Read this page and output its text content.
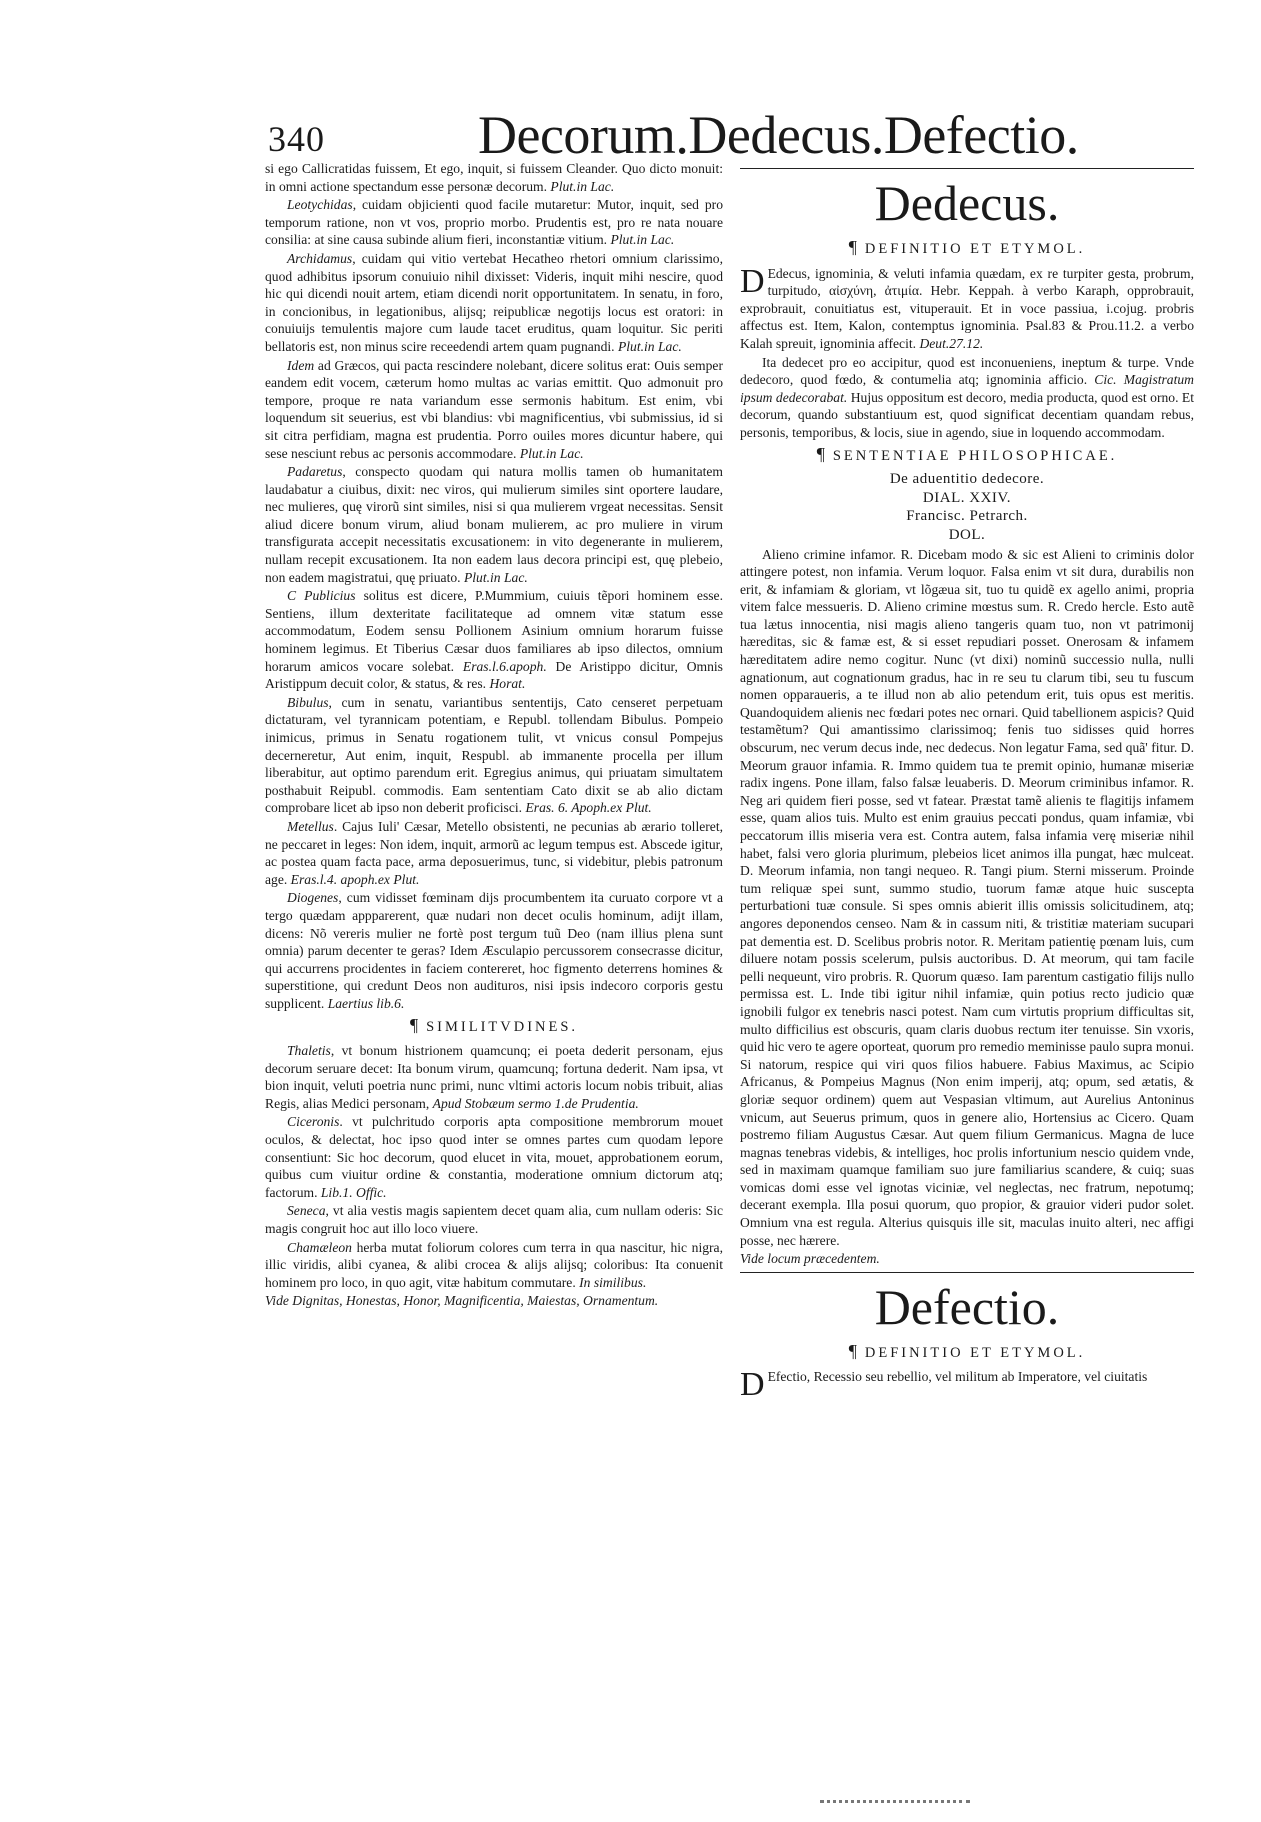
340	Decorum.Dedecus.Defectio.

si ego Callicratidas fuissem, Et ego, inquit, si fuissem Cleander. Quo dicto monuit: in omni actione spectandum esse personæ decorum. Plut.in Lac.

Leotychidas, cuidam objicienti quod facile mutaretur: Mutor, inquit, sed pro temporum ratione, non vt vos, proprio morbo. Prudentis est, pro re nata nouare consilia: at sine causa subinde alium fieri, inconstantiæ vitium. Plut.in Lac.

Archidamus, cuidam qui vitio vertebat Hecatheo rhetori omnium clarissimo, quod adhibitus ipsorum conuiuio nihil dixisset: Videris, inquit mihi nescire, quod hic qui dicendi nouit artem, etiam dicendi norit opportunitatem. In senatu, in foro, in concionibus, in legationibus, alijsq; reipublicæ negotijs locus est oratori: in conuiuijs temulentis majore cum laude tacet eruditus, quam loquitur. Sic periti bellatoris est, non minus scire receedendi artem quam pugnandi. Plut.in Lac.

Idem ad Græcos, qui pacta rescindere nolebant, dicere solitus erat: Ouis semper eandem edit vocem, cæterum homo multas ac varias emittit. Quo admonuit pro tempore, proque re nata variandum esse sermonis habitum. Est enim, vbi loquendum sit seuerius, est vbi blandius: vbi magnificentius, vbi submissius, id si sit citra perfidiam, magna est prudentia. Porro ouiles mores dicuntur habere, qui sese nesciunt rebus ac personis accommodare. Plut.in Lac.

Padaretus, conspecto quodam qui natura mollis tamen ob humanitatem laudabatur a ciuibus, dixit: nec viros, qui mulierum similes sint oportere laudare, nec mulieres, quę virorũ sint similes, nisi si qua mulierem vrgeat necessitas. Sensit aliud dicere bonum virum, aliud bonam mulierem, ac pro muliere in virum transfigurata accepit necessitatis excusationem: in vito degenerante in mulierem, nullam recepit excusationem. Ita non eadem laus decora principi est, quę plebeio, non eadem magistratui, quę priuato. Plut.in Lac.

C Publicius solitus est dicere, P.Mummium, cuiuis tẽpori hominem esse. Sentiens, illum dexteritate facilitateque ad omnem vitæ statum esse accommodatum, Eodem sensu Pollionem Asinium omnium horarum fuisse hominem legimus. Et Tiberius Cæsar duos familiares ab ipso dilectos, omnium horarum amicos vocare solebat. Eras.l.6.apoph. De Aristippo dicitur, Omnis Aristippum decuit color, & status, & res. Horat.

Bibulus, cum in senatu, variantibus sententijs, Cato censeret perpetuam dictaturam, vel tyrannicam potentiam, e Republ. tollendam Bibulus. Pompeio inimicus, primus in Senatu rogationem tulit, vt vnicus consul Pompejus decerneretur, Aut enim, inquit, Respubl. ab immanente procella per illum liberabitur, aut optimo parendum erit. Egregius animus, qui priuatam simultatem posthabuit Reipubl. commodis. Eam sententiam Cato dixit se ab alio dictam comprobare licet ab ipso non deberit proficisci. Eras. 6. Apoph.ex Plut.

Metellus. Cajus Iuli' Cæsar, Metello obsistenti, ne pecunias ab ærario tolleret, ne peccaret in leges: Non idem, inquit, armorũ ac legum tempus est. Abscede igitur, ac postea quam facta pace, arma deposuerimus, tunc, si videbitur, plebis patronum age. Eras.l.4. apoph.ex Plut.

Diogenes, cum vidisset fœminam dijs procumbentem ita curuato corpore vt a tergo quædam appparerent, quæ nudari non decet oculis hominum, adijt illam, dicens: Nõ vereris mulier ne fortè post tergum tuũ Deo (nam illius plena sunt omnia) parum decenter te geras? Idem Æsculapio percussorem consecrasse dicitur, qui accurrens procidentes in faciem contereret, hoc figmento deterrens homines & superstitione, qui credunt Deos non audituros, nisi ipsis indecoro corporis gestu supplicent. Laertius lib.6.

¶ SIMILITVDINES.

Thaletis, vt bonum histrionem quamcunq; ei poeta dederit personam, ejus decorum seruare decet: Ita bonum virum, quamcunq; fortuna dederit. Nam ipsa, vt bion inquit, veluti poetria nunc primi, nunc vltimi actoris locum nobis tribuit, alias Regis, alias Medici personam, Apud Stobæum sermo 1.de Prudentia.

Ciceronis. vt pulchritudo corporis apta compositione membrorum mouet oculos, & delectat, hoc ipso quod inter se omnes partes cum quodam lepore consentiunt: Sic hoc decorum, quod elucet in vita, mouet, approbationem eorum, quibus cum viuitur ordine & constantia, moderatione omnium dictorum atq; factorum. Lib.1. Offic.

Seneca, vt alia vestis magis sapientem decet quam alia, cum nullam oderis: Sic magis congruit hoc aut illo loco viuere.

Chamæleon herba mutat foliorum colores cum terra in qua nascitur, hic nigra, illic viridis, alibi cyanea, & alibi crocea & alijs alijsq; coloribus: Ita conuenit hominem pro loco, in quo agit, vitæ habitum commutare. In similibus.

Vide Dignitas, Honestas, Honor, Magnificentia, Maiestas, Ornamentum.

Dedecus.
¶ DEFINITIO ET ETYMOL.

D Edecus, ignominia, & veluti infamia quædam, ex re turpiter gesta, probrum, turpitudo, αἰσχύνη, ἀτιμία. Hebr. Keppah. à verbo Karaph, opprobrauit, exprobrauit, conuitiatus est, vituperauit. Et in voce passiua, i.cojug. probris affectus est. Item, Kalon, contemptus ignominia. Psal.83 & Prou.11.2. a verbo Kalah spreuit, ignominia affecit. Deut.27.12.

Ita dedecet pro eo accipitur, quod est inconueniens, ineptum & turpe. Vnde dedecoro, quod fœdo, & contumelia atq; ignominia afficio. Cic. Magistratum ipsum dedecorabat. Hujus oppositum est decoro, media producta, quod est orno. Et decorum, quando substantiuum est, quod significat decentiam quandam rebus, personis, temporibus, & locis, siue in agendo, siue in loquendo accommodam.

¶ SENTENTIAE PHILOSOPHICAE.

De aduentitio dedecore.

DIAL. XXIV.

Francisc. Petrarch.

DOL.

Alieno crimine infamor. R. Dicebam modo & sic est Alieni to criminis dolor attingere potest, non infamia. Verum loquor. Falsa enim vt sit dura, durabilis non erit, & infamiam & gloriam, vt lõgæua sit, tuo tu quidẽ ex agello animi, propria vitem falce messueris. D. Alieno crimine mœstus sum. R. Credo hercle. Esto autẽ tua lætus innocentia, nisi magis alieno tangeris quam tuo, non vt patrimonij hæreditas, sic & famæ est, & si esset repudiari posset. Onerosam & infamem hæreditatem adire nemo cogitur. Nunc (vt dixi) nominũ successio nulla, nulli agnationum, aut cognationum gradus, hac in re seu tu clarum tibi, seu tu fuscum nomen opparaueris, a te illud non ab alio petendum erit, tuis opus est meritis. Quandoquidem alienis nec fœdari potes nec ornari. Quid tabellionem aspicis? Quid testamẽtum? Qui amantissimo clarissimoq; fenis tuo sidisses quid horres obscurum, nec verum decus inde, nec dedecus. Non legatur Fama, sed quã' fitur. D. Meorum grauor infamia. R. Immo quidem tua te premit opinio, humanæ miseriæ radix ingens. Pone illam, falso falsæ leuaberis. D. Meorum criminibus infamor. R. Neg ari quidem fieri posse, sed vt fatear. Præstat tamẽ alienis te flagitijs infamem esse, quam alios tuis. Multo est enim grauius peccati pondus, quam infamiæ, vbi peccatorum illis miseria vera est. Contra autem, falsa infamia verę miseriæ nihil habet, falsi vero gloria plurimum, plebeios licet animos illa pungat, hæc mulceat. D. Meorum infamia, non tangi nequeo. R. Tangi pium. Sterni misserum. Proinde tum reliquæ spei sunt, summo studio, tuorum famæ atque huic suscepta perturbationi tuæ consule. Si spes omnis abierit illis omissis solicitudinem, atq; angores deponendos censeo. Nam & in cassum niti, & tristitiæ materiam sucupari pat dementia est. D. Scelibus probris notor. R. Meritam patientię pœnam luis, cum diluere notam possis scelerum, pulsis auctoribus. D. At meorum, qui tam facile pelli nequeunt, viro probris. R. Quorum quæso. Iam parentum castigatio filijs nullo permissa est. L. Inde tibi igitur nihil infamiæ, quin potius recto judicio quæ ignobili fulgor ex tenebris nasci potest. Nam cum virtutis proprium difficultas sit, multo difficilius est obscuris, quam claris duobus rectum iter tenuisse. Sin vxoris, quid hic vero te agere oporteat, quorum pro remedio meminisse paulo supra monui. Si natorum, respice qui viri quos filios habuere. Fabius Maximus, ac Scipio Africanus, & Pompeius Magnus (Non enim imperij, atq; opum, sed ætatis, & gloriæ sequor ordinem) quem aut Vespasian vltimum, aut Aurelius Antoninus vnicum, aut Seuerus primum, quos in genere alio, Hortensius ac Cicero. Quam postremo filiam Augustus Cæsar. Aut quem filium Germanicus. Magna de luce magnas tenebras videbis, & intelliges, hoc prolis infortunium nescio quidem vnde, sed in maximam quamque familiam suo jure familiarius scandere, & cuiq; suas vomicas domi esse vel ignotas viciniæ, vel neglectas, nec fratrum, nepotumq; decerant exempla. Illa posui quorum, quo propior, & grauior videri pudor solet. Omnium vna est regula. Alterius quisquis ille sit, maculas inuito alteri, nec affigi posse, nec hærere.

Vide locum præcedentem.

Defectio.
¶ DEFINITIO ET ETYMOL.

D Efectio, Recessio seu rebellio, vel militum ab Imperatore, vel ciuitatis
